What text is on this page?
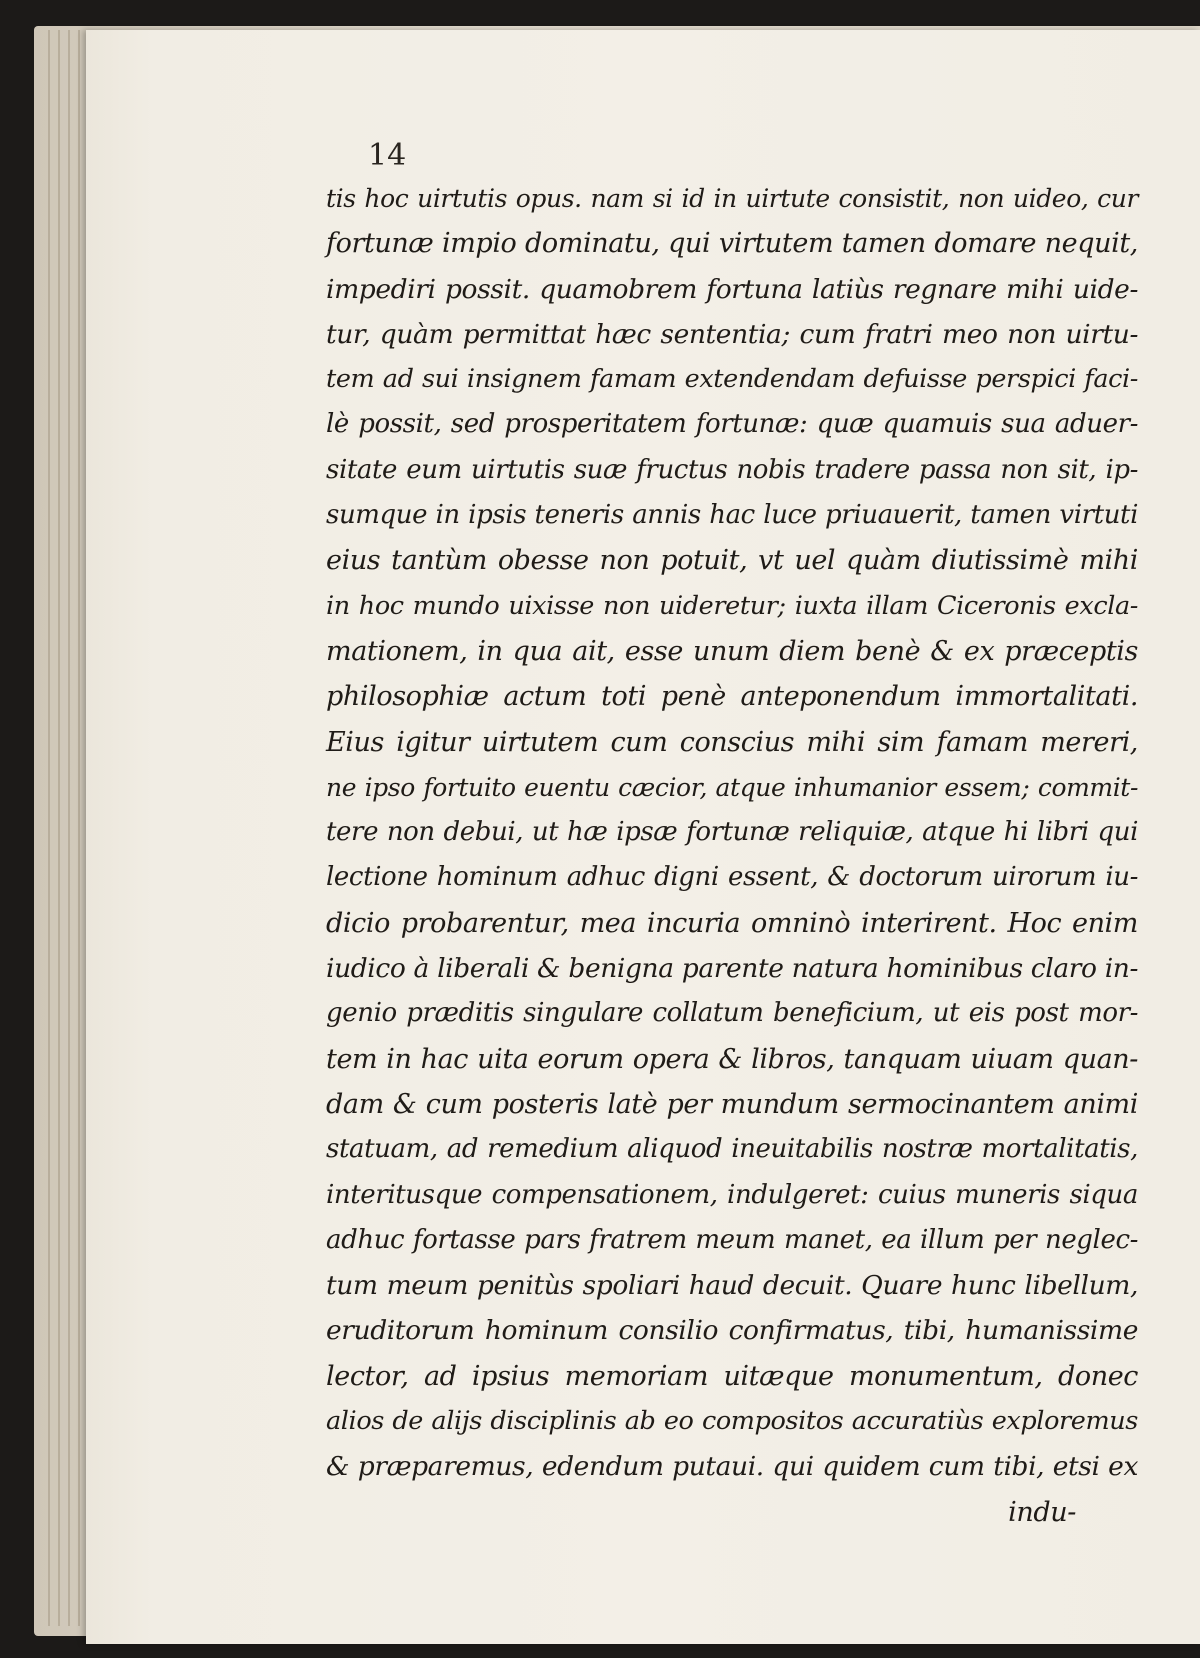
14
tis hoc uirtutis opus. nam si id in uirtute consistit, non uideo, cur
fortunæ impio dominatu, qui virtutem tamen domare nequit,
impediri possit. quamobrem fortuna latiùs regnare mihi uide-
tur, quàm permittat hæc sententia; cum fratri meo non uirtu-
tem ad sui insignem famam extendendam defuisse perspici faci-
lè possit, sed prosperitatem fortunæ: quæ quamuis sua aduer-
sitate eum uirtutis suæ fructus nobis tradere passa non sit, ip-
sumque in ipsis teneris annis hac luce priuauerit, tamen virtuti
eius tantùm obesse non potuit, vt uel quàm diutissimè mihi
in hoc mundo uixisse non uideretur; iuxta illam Ciceronis excla-
mationem, in qua ait, esse unum diem benè & ex præceptis
philosophiæ actum toti penè anteponendum immortalitati.
Eius igitur uirtutem cum conscius mihi sim famam mereri,
ne ipso fortuito euentu cæcior, atque inhumanior essem; commit-
tere non debui, ut hæ ipsæ fortunæ reliquiæ, atque hi libri qui
lectione hominum adhuc digni essent, & doctorum uirorum iu-
dicio probarentur, mea incuria omninò interirent. Hoc enim
iudico à liberali & benigna parente natura hominibus claro in-
genio præditis singulare collatum beneficium, ut eis post mor-
tem in hac uita eorum opera & libros, tanquam uiuam quan-
dam & cum posteris latè per mundum sermocinantem animi
statuam, ad remedium aliquod ineuitabilis nostræ mortalitatis,
interitusque compensationem, indulgeret: cuius muneris siqua
adhuc fortasse pars fratrem meum manet, ea illum per neglec-
tum meum penitùs spoliari haud decuit. Quare hunc libellum,
eruditorum hominum consilio confirmatus, tibi, humanissime
lector, ad ipsius memoriam uitæque monumentum, donec
alios de alijs disciplinis ab eo compositos accuratiùs exploremus
& præparemus, edendum putaui. qui quidem cum tibi, etsi ex
indu-
